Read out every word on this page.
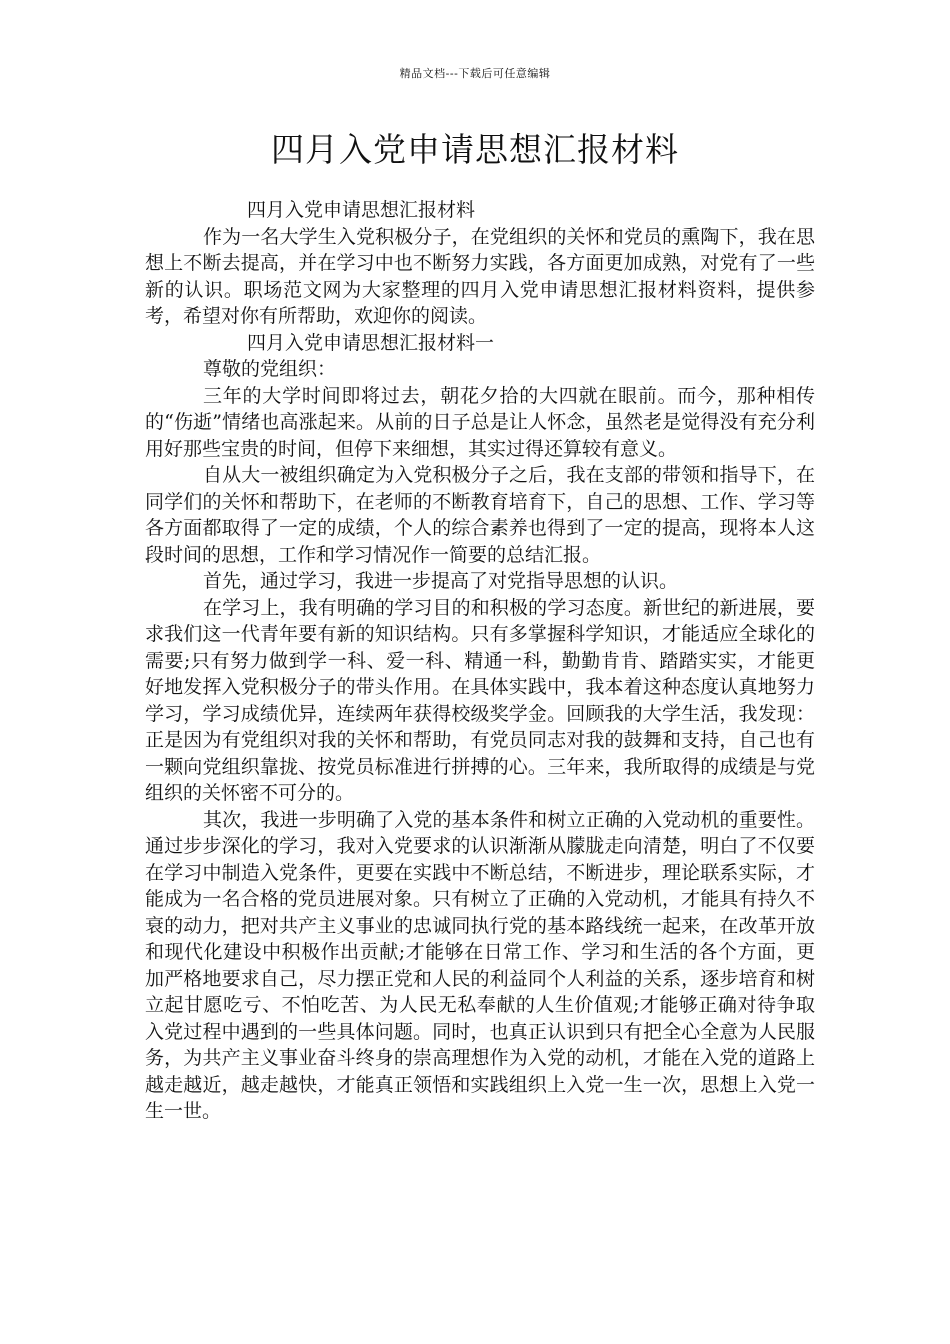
精品文档---下载后可任意编辑
四月入党申请思想汇报材料

四月入党申请思想汇报材料

作为一名大学生入党积极分子，在党组织的关怀和党员的熏陶下，我在思想上不断去提高，并在学习中也不断努力实践，各方面更加成熟，对党有了一些新的认识。职场范文网为大家整理的四月入党申请思想汇报材料资料，提供参考，希望对你有所帮助，欢迎你的阅读。

四月入党申请思想汇报材料一

尊敬的党组织：

三年的大学时间即将过去，朝花夕拾的大四就在眼前。而今，那种相传的“伤逝”情绪也高涨起来。从前的日子总是让人怀念，虽然老是觉得没有充分利用好那些宝贵的时间，但停下来细想，其实过得还算较有意义。

自从大一被组织确定为入党积极分子之后，我在支部的带领和指导下，在同学们的关怀和帮助下，在老师的不断教育培育下，自己的思想、工作、学习等各方面都取得了一定的成绩，个人的综合素养也得到了一定的提高，现将本人这段时间的思想，工作和学习情况作一简要的总结汇报。

首先，通过学习，我进一步提高了对党指导思想的认识。

在学习上，我有明确的学习目的和积极的学习态度。新世纪的新进展，要求我们这一代青年要有新的知识结构。只有多掌握科学知识，才能适应全球化的需要;只有努力做到学一科、爱一科、精通一科，勤勤肯肯、踏踏实实，才能更好地发挥入党积极分子的带头作用。在具体实践中，我本着这种态度认真地努力学习，学习成绩优异，连续两年获得校级奖学金。回顾我的大学生活，我发现：正是因为有党组织对我的关怀和帮助，有党员同志对我的鼓舞和支持，自己也有一颗向党组织靠拢、按党员标准进行拼搏的心。三年来，我所取得的成绩是与党组织的关怀密不可分的。

其次，我进一步明确了入党的基本条件和树立正确的入党动机的重要性。通过步步深化的学习，我对入党要求的认识渐渐从朦胧走向清楚，明白了不仅要在学习中制造入党条件，更要在实践中不断总结，不断进步，理论联系实际，才能成为一名合格的党员进展对象。只有树立了正确的入党动机，才能具有持久不衰的动力，把对共产主义事业的忠诚同执行党的基本路线统一起来，在改革开放和现代化建设中积极作出贡献;才能够在日常工作、学习和生活的各个方面，更加严格地要求自己，尽力摆正党和人民的利益同个人利益的关系，逐步培育和树立起甘愿吃亏、不怕吃苦、为人民无私奉献的人生价值观;才能够正确对待争取入党过程中遇到的一些具体问题。同时，也真正认识到只有把全心全意为人民服务，为共产主义事业奋斗终身的崇高理想作为入党的动机，才能在入党的道路上越走越近，越走越快，才能真正领悟和实践组织上入党一生一次，思想上入党一生一世。
